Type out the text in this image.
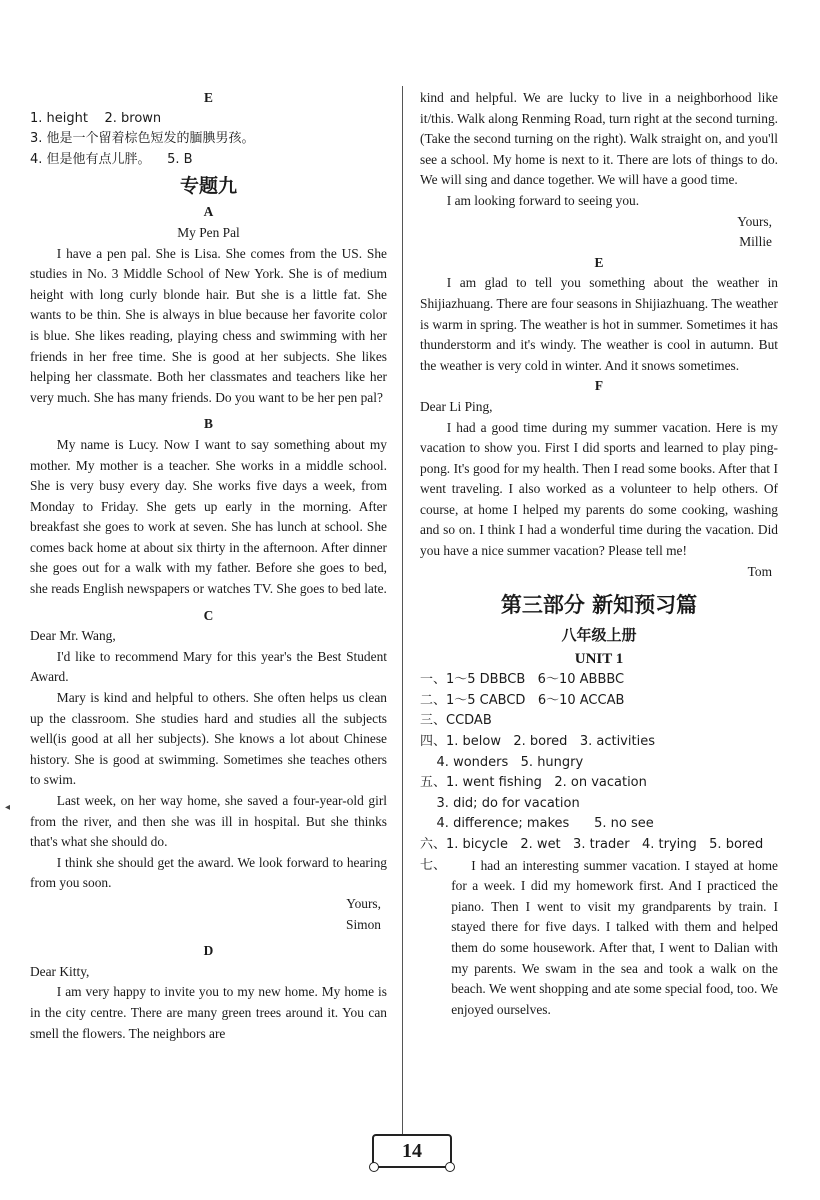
◂
E
1. height    2. brown
3. 他是一个留着棕色短发的腼腆男孩。
4. 但是他有点儿胖。    5. B
专题九
A
My Pen Pal
I have a pen pal. She is Lisa. She comes from the US. She studies in No. 3 Middle School of New York. She is of medium height with long curly blonde hair. But she is a little fat. She wants to be thin. She is always in blue because her favorite color is blue. She likes reading, playing chess and swimming with her friends in her free time. She is good at her subjects. She likes helping her classmate. Both her classmates and teachers like her very much. She has many friends. Do you want to be her pen pal?
B
My name is Lucy. Now I want to say something about my mother. My mother is a teacher. She works in a middle school. She is very busy every day. She works five days a week, from Monday to Friday. She gets up early in the morning. After breakfast she goes to work at seven. She has lunch at school. She comes back home at about six thirty in the afternoon. After dinner she goes out for a walk with my father. Before she goes to bed, she reads English newspapers or watches TV. She goes to bed late.
C
Dear Mr. Wang,
I'd like to recommend Mary for this year's the Best Student Award.
Mary is kind and helpful to others. She often helps us clean up the classroom. She studies hard and studies all the subjects well(is good at all her subjects). She knows a lot about Chinese history. She is good at swimming. Sometimes she teaches others to swim.
Last week, on her way home, she saved a four-year-old girl from the river, and then she was ill in hospital. But she thinks that's what she should do.
I think she should get the award. We look forward to hearing from you soon.
Yours,
Simon
D
Dear Kitty,
I am very happy to invite you to my new home. My home is in the city centre. There are many green trees around it. You can smell the flowers. The neighbors are
kind and helpful. We are lucky to live in a neighborhood like it/this. Walk along Renming Road, turn right at the second turning.(Take the second turning on the right). Walk straight on, and you'll see a school. My home is next to it. There are lots of things to do. We will sing and dance together. We will have a good time.
I am looking forward to seeing you.
Yours,
Millie
E
I am glad to tell you something about the weather in Shijiazhuang. There are four seasons in Shijiazhuang. The weather is warm in spring. The weather is hot in summer. Sometimes it has thunderstorm and it's windy. The weather is cool in autumn. But the weather is very cold in winter. And it snows sometimes.
F
Dear Li Ping,
I had a good time during my summer vacation. Here is my vacation to show you. First I did sports and learned to play ping-pong. It's good for my health. Then I read some books. After that I went traveling. I also worked as a volunteer to help others. Of course, at home I helped my parents do some cooking, washing and so on. I think I had a wonderful time during the vacation. Did you have a nice summer vacation? Please tell me!
Tom
第三部分 新知预习篇
八年级上册
UNIT 1
一、1～5 DBBCB   6～10 ABBBC
二、1～5 CABCD   6～10 ACCAB
三、CCDAB
四、1. below   2. bored   3. activities
4. wonders   5. hungry
五、1. went fishing   2. on vacation
3. did; do for vacation
4. difference; makes      5. no see
六、1. bicycle   2. wet   3. trader   4. trying   5. bored
七、	I had an interesting summer vacation. I stayed at home for a week. I did my homework first. And I practiced the piano. Then I went to visit my grandparents by train. I stayed there for five days. I talked with them and helped them do some housework. After that, I went to Dalian with my parents. We swam in the sea and took a walk on the beach. We went shopping and ate some special food, too. We enjoyed ourselves.
14
